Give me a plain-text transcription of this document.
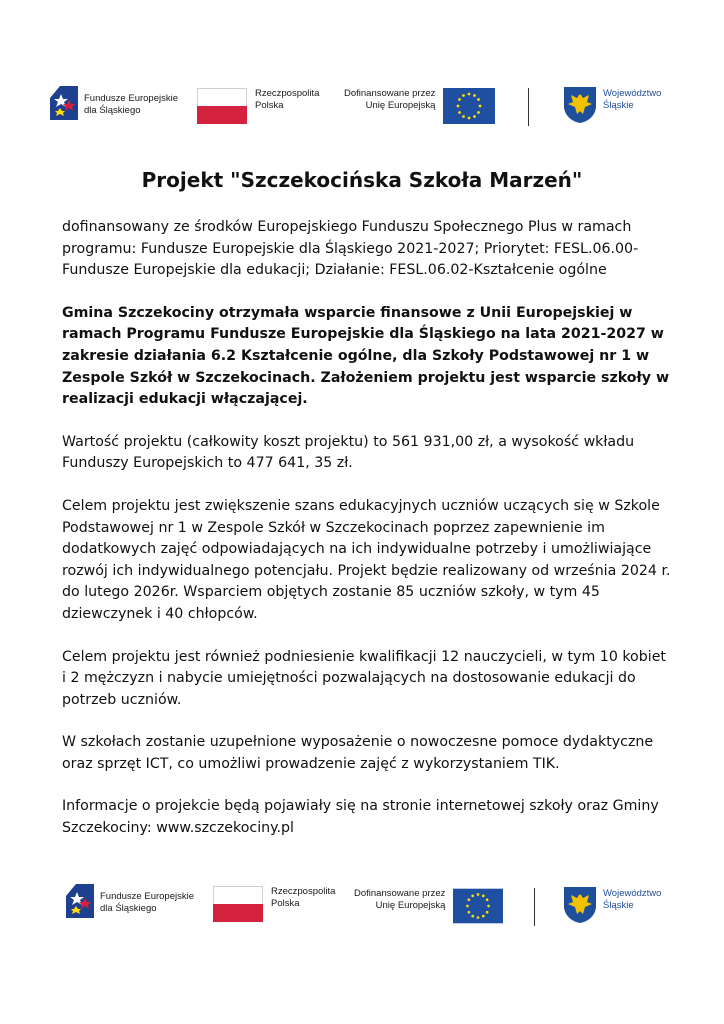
Fundusze Europejskie
dla Śląskiego
Rzeczpospolita
Polska
Dofinansowane przez
Unię Europejską
Województwo
Śląskie
Projekt "Szczekocińska Szkoła Marzeń"

dofinansowany ze środków Europejskiego Funduszu Społecznego Plus w ramach programu: Fundusze Europejskie dla Śląskiego 2021-2027; Priorytet: FESL.06.00-Fundusze Europejskie dla edukacji; Działanie: FESL.06.02-Kształcenie ogólne

Gmina Szczekociny otrzymała wsparcie finansowe z Unii Europejskiej w ramach Programu Fundusze Europejskie dla Śląskiego na lata 2021-2027 w zakresie działania 6.2 Kształcenie ogólne, dla Szkoły Podstawowej nr 1 w Zespole Szkół w Szczekocinach. Założeniem projektu jest wsparcie szkoły w realizacji edukacji włączającej.

Wartość projektu (całkowity koszt projektu) to 561 931,00 zł, a wysokość wkładu Funduszy Europejskich to 477 641, 35 zł.

Celem projektu jest zwiększenie szans edukacyjnych uczniów uczących się w Szkole Podstawowej nr 1 w Zespole Szkół w Szczekocinach poprzez zapewnienie im dodatkowych zajęć odpowiadających na ich indywidualne potrzeby i umożliwiające rozwój ich indywidualnego potencjału. Projekt będzie realizowany od września 2024 r. do lutego 2026r. Wsparciem objętych zostanie 85 uczniów szkoły, w tym 45 dziewczynek i 40 chłopców.

Celem projektu jest również podniesienie kwalifikacji 12 nauczycieli, w tym 10 kobiet i 2 mężczyzn i nabycie umiejętności pozwalających na dostosowanie edukacji do potrzeb uczniów.

W szkołach zostanie uzupełnione wyposażenie o nowoczesne pomoce dydaktyczne oraz sprzęt ICT, co umożliwi prowadzenie zajęć z wykorzystaniem TIK.

Informacje o projekcie będą pojawiały się na stronie internetowej szkoły oraz Gminy Szczekociny: www.szczekociny.pl

Fundusze Europejskie
dla Śląskiego
Rzeczpospolita
Polska
Dofinansowane przez
Unię Europejską
Województwo
Śląskie
